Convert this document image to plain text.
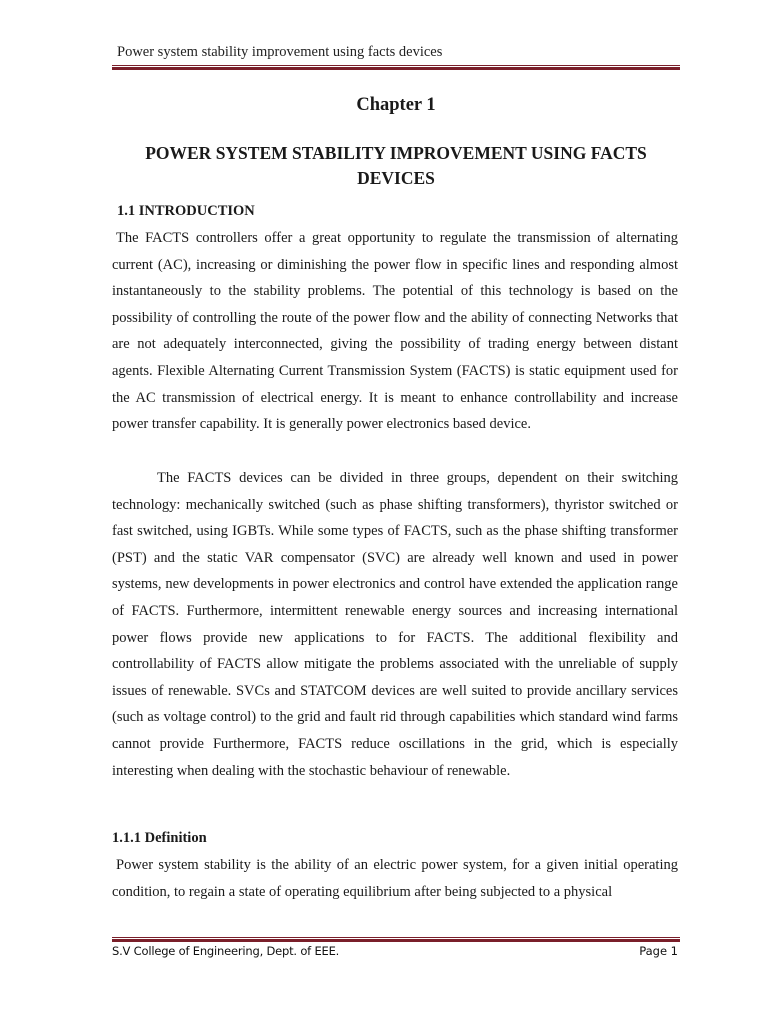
Power system stability improvement using facts devices
Chapter 1
POWER SYSTEM STABILITY IMPROVEMENT USING FACTS DEVICES
1.1 INTRODUCTION
The FACTS controllers offer a great opportunity to regulate the transmission of alternating current (AC), increasing or diminishing the power flow in specific lines and responding almost instantaneously to the stability problems. The potential of this technology is based on the possibility of controlling the route of the power flow and the ability of connecting Networks that are not adequately interconnected, giving the possibility of trading energy between distant agents. Flexible Alternating Current Transmission System (FACTS) is static equipment used for the AC transmission of electrical energy. It is meant to enhance controllability and increase power transfer capability. It is generally power electronics based device.
The FACTS devices can be divided in three groups, dependent on their switching technology: mechanically switched (such as phase shifting transformers), thyristor switched or fast switched, using IGBTs. While some types of FACTS, such as the phase shifting transformer (PST) and the static VAR compensator (SVC) are already well known and used in power systems, new developments in power electronics and control have extended the application range of FACTS. Furthermore, intermittent renewable energy sources and increasing international power flows provide new applications to for FACTS. The additional flexibility and controllability of FACTS allow mitigate the problems associated with the unreliable of supply issues of renewable. SVCs and STATCOM devices are well suited to provide ancillary services (such as voltage control) to the grid and fault rid through capabilities which standard wind farms cannot provide Furthermore, FACTS reduce oscillations in the grid, which is especially interesting when dealing with the stochastic behaviour of renewable.
1.1.1 Definition
Power system stability is the ability of an electric power system, for a given initial operating condition, to regain a state of operating equilibrium after being subjected to a physical
S.V College of Engineering, Dept. of EEE.	Page 1
